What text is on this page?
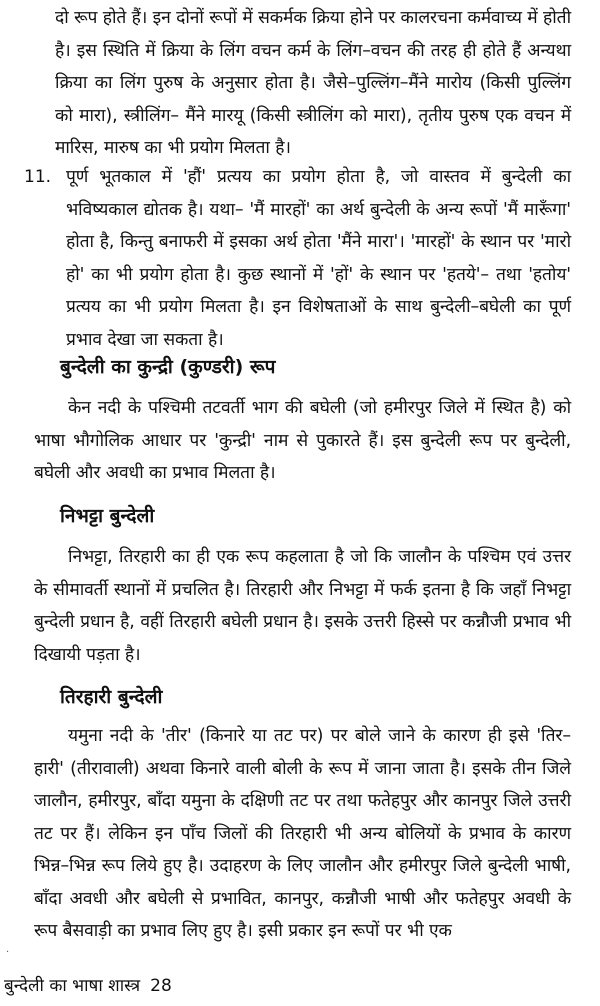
दो रूप होते हैं। इन दोनों रूपों में सकर्मक क्रिया होने पर कालरचना कर्मवाच्य में होती है। इस स्थिति में क्रिया के लिंग वचन कर्म के लिंग–वचन की तरह ही होते हैं अन्यथा क्रिया का लिंग पुरुष के अनुसार होता है। जैसे–पुल्लिंग–मैंने मारोय (किसी पुल्लिंग को मारा), स्त्रीलिंग– मैंने मारयू (किसी स्त्रीलिंग को मारा), तृतीय पुरुष एक वचन में मारिस, मारुष का भी प्रयोग मिलता है।

11. पूर्ण भूतकाल में 'हौं' प्रत्यय का प्रयोग होता है, जो वास्तव में बुन्देली का भविष्यकाल द्योतक है। यथा– 'मैं मारहों' का अर्थ बुन्देली के अन्य रूपों 'मैं मारूँगा' होता है, किन्तु बनाफरी में इसका अर्थ होता 'मैंने मारा'। 'मारहों' के स्थान पर 'मारो हो' का भी प्रयोग होता है। कुछ स्थानों में 'हों' के स्थान पर 'हतये'– तथा 'हतोय' प्रत्यय का भी प्रयोग मिलता है। इन विशेषताओं के साथ बुन्देली–बघेली का पूर्ण प्रभाव देखा जा सकता है।

बुन्देली का कुन्द्री (कुण्डरी) रूप

केन नदी के पश्चिमी तटवर्ती भाग की बघेली (जो हमीरपुर जिले में स्थित है) को भाषा भौगोलिक आधार पर 'कुन्द्री' नाम से पुकारते हैं। इस बुन्देली रूप पर बुन्देली, बघेली और अवधी का प्रभाव मिलता है।

निभट्टा बुन्देली

निभट्टा, तिरहारी का ही एक रूप कहलाता है जो कि जालौन के पश्चिम एवं उत्तर के सीमावर्ती स्थानों में प्रचलित है। तिरहारी और निभट्टा में फर्क इतना है कि जहाँ निभट्टा बुन्देली प्रधान है, वहीं तिरहारी बघेली प्रधान है। इसके उत्तरी हिस्से पर कन्नौजी प्रभाव भी दिखायी पड़ता है।

तिरहारी बुन्देली

यमुना नदी के 'तीर' (किनारे या तट पर) पर बोले जाने के कारण ही इसे 'तिर–हारी' (तीरावाली) अथवा किनारे वाली बोली के रूप में जाना जाता है। इसके तीन जिले जालौन, हमीरपुर, बाँदा यमुना के दक्षिणी तट पर तथा फतेहपुर और कानपुर जिले उत्तरी तट पर हैं। लेकिन इन पाँच जिलों की तिरहारी भी अन्य बोलियों के प्रभाव के कारण भिन्न–भिन्न रूप लिये हुए है। उदाहरण के लिए जालौन और हमीरपुर जिले बुन्देली भाषी, बाँदा अवधी और बघेली से प्रभावित, कानपुर, कन्नौजी भाषी और फतेहपुर अवधी के रूप बैसवाड़ी का प्रभाव लिए हुए है। इसी प्रकार इन रूपों पर भी एक

·
बुन्देली का भाषा शास्त्र 28
